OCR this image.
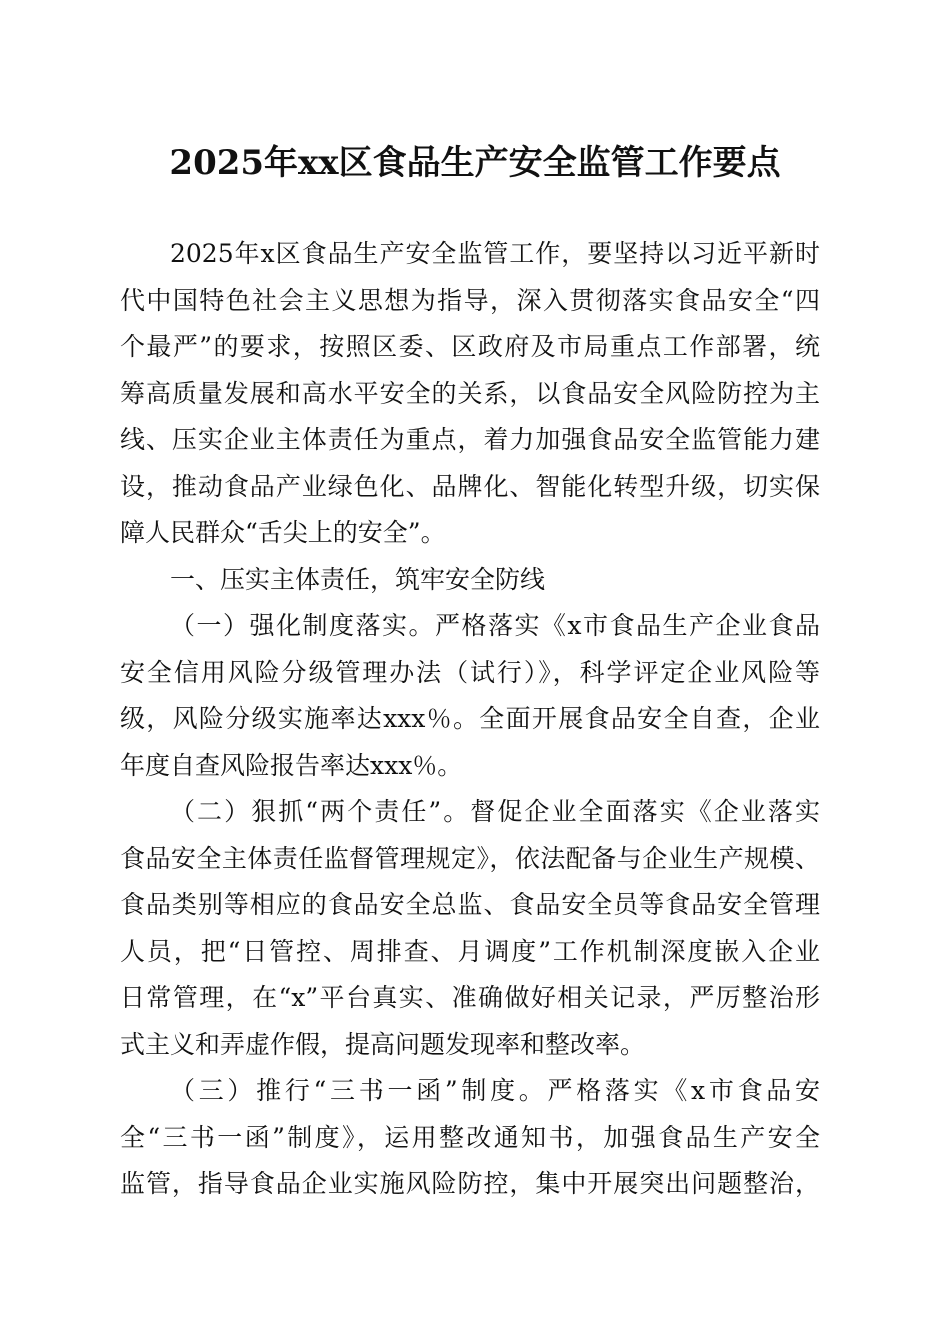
2025年xx区食品生产安全监管工作要点
2025年x区食品生产安全监管工作，要坚持以习近平新时
代中国特色社会主义思想为指导，深入贯彻落实食品安全“四
个最严”的要求，按照区委、区政府及市局重点工作部署，统
筹高质量发展和高水平安全的关系，以食品安全风险防控为主
线、压实企业主体责任为重点，着力加强食品安全监管能力建
设，推动食品产业绿色化、品牌化、智能化转型升级，切实保
障人民群众“舌尖上的安全”。
一、压实主体责任，筑牢安全防线
（一）强化制度落实。严格落实《x市食品生产企业食品
安全信用风险分级管理办法（试行）》，科学评定企业风险等
级，风险分级实施率达xxx％。全面开展食品安全自查，企业
年度自查风险报告率达xxx％。
（二）狠抓“两个责任”。督促企业全面落实《企业落实
食品安全主体责任监督管理规定》，依法配备与企业生产规模、
食品类别等相应的食品安全总监、食品安全员等食品安全管理
人员，把“日管控、周排查、月调度”工作机制深度嵌入企业
日常管理，在“x”平台真实、准确做好相关记录，严厉整治形
式主义和弄虚作假，提高问题发现率和整改率。
（三）推行“三书一函”制度。严格落实《x市食品安
全“三书一函”制度》，运用整改通知书，加强食品生产安全
监管，指导食品企业实施风险防控，集中开展突出问题整治，
